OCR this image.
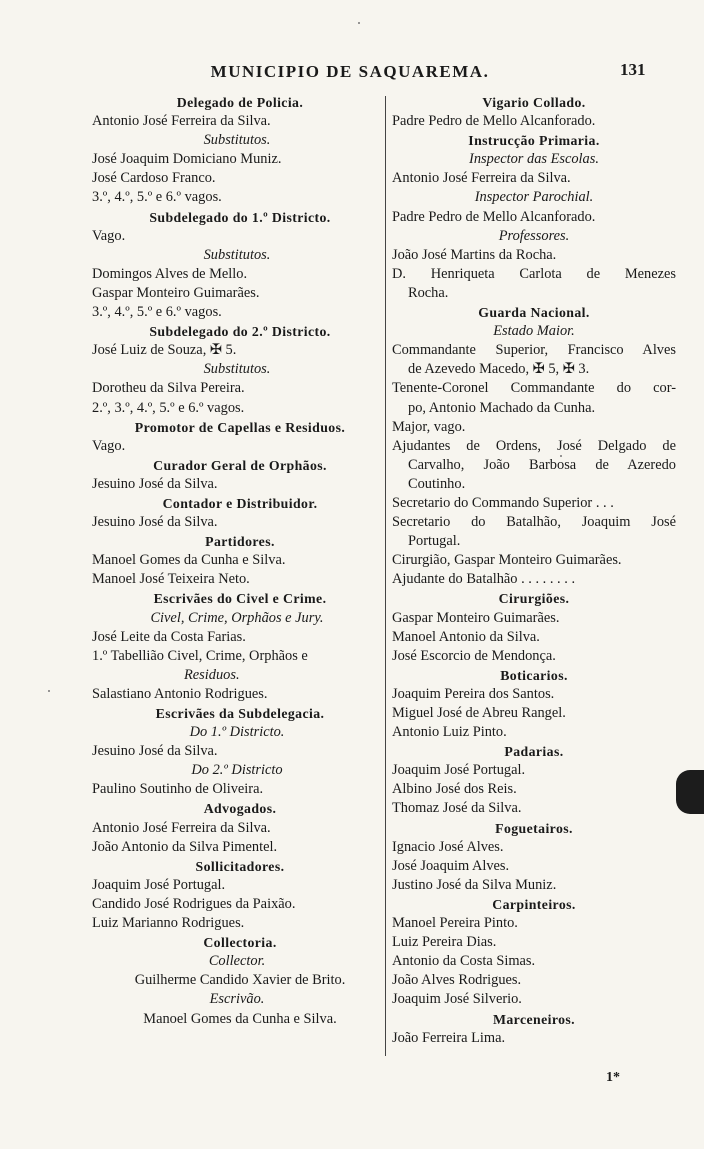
MUNICIPIO DE SAQUAREMA.	131
Delegado de Policia.
Antonio José Ferreira da Silva.
Substitutos.
José Joaquim Domiciano Muniz.
José Cardoso Franco.
3.º, 4.º, 5.º e 6.º vagos.
Subdelegado do 1.º Districto.
Vago.
Substitutos.
Domingos Alves de Mello.
Gaspar Monteiro Guimarães.
3.º, 4.º, 5.º e 6.º vagos.
Subdelegado do 2.º Districto.
José Luiz de Souza, ✠ 5.
Substitutos.
Dorotheu da Silva Pereira.
2.º, 3.º, 4.º, 5.º e 6.º vagos.
Promotor de Capellas e Residuos.
Vago.
Curador Geral de Orphãos.
Jesuino José da Silva.
Contador e Distribuidor.
Jesuino José da Silva.
Partidores.
Manoel Gomes da Cunha e Silva.
Manoel José Teixeira Neto.
Escrivães do Civel e Crime.
Civel, Crime, Orphãos e Jury.
José Leite da Costa Farias.
1.º Tabellião Civel, Crime, Orphãos e
Residuos.
Salastiano Antonio Rodrigues.
Escrivães da Subdelegacia.
Do 1.º Districto.
Jesuino José da Silva.
Do 2.º Districto
Paulino Soutinho de Oliveira.
Advogados.
Antonio José Ferreira da Silva.
João Antonio da Silva Pimentel.
Sollicitadores.
Joaquim José Portugal.
Candido José Rodrigues da Paixão.
Luiz Marianno Rodrigues.
Collectoria.
Collector.
Guilherme Candido Xavier de Brito.
Escrivão.
Manoel Gomes da Cunha e Silva.
Vigario Collado.
Padre Pedro de Mello Alcanforado.
Instrucção Primaria.
Inspector das Escolas.
Antonio José Ferreira da Silva.
Inspector Parochial.
Padre Pedro de Mello Alcanforado.
Professores.
João José Martins da Rocha.
D. Henriqueta Carlota de Menezes
Rocha.
Guarda Nacional.
Estado Maior.
Commandante Superior, Francisco Alves
de Azevedo Macedo, ✠ 5, ✠ 3.
Tenente-Coronel Commandante do cor-
po, Antonio Machado da Cunha.
Major, vago.
Ajudantes de Ordens, José Delgado de
Carvalho, João Barbosa de Azeredo
Coutinho.
Secretario do Commando Superior . . .
Secretario do Batalhão, Joaquim José
Portugal.
Cirurgião, Gaspar Monteiro Guimarães.
Ajudante do Batalhão . . . . . . . .
Cirurgiões.
Gaspar Monteiro Guimarães.
Manoel Antonio da Silva.
José Escorcio de Mendonça.
Boticarios.
Joaquim Pereira dos Santos.
Miguel José de Abreu Rangel.
Antonio Luiz Pinto.
Padarias.
Joaquim José Portugal.
Albino José dos Reis.
Thomaz José da Silva.
Foguetairos.
Ignacio José Alves.
José Joaquim Alves.
Justino José da Silva Muniz.
Carpinteiros.
Manoel Pereira Pinto.
Luiz Pereira Dias.
Antonio da Costa Simas.
João Alves Rodrigues.
Joaquim José Silverio.
Marceneiros.
João Ferreira Lima.
1*
